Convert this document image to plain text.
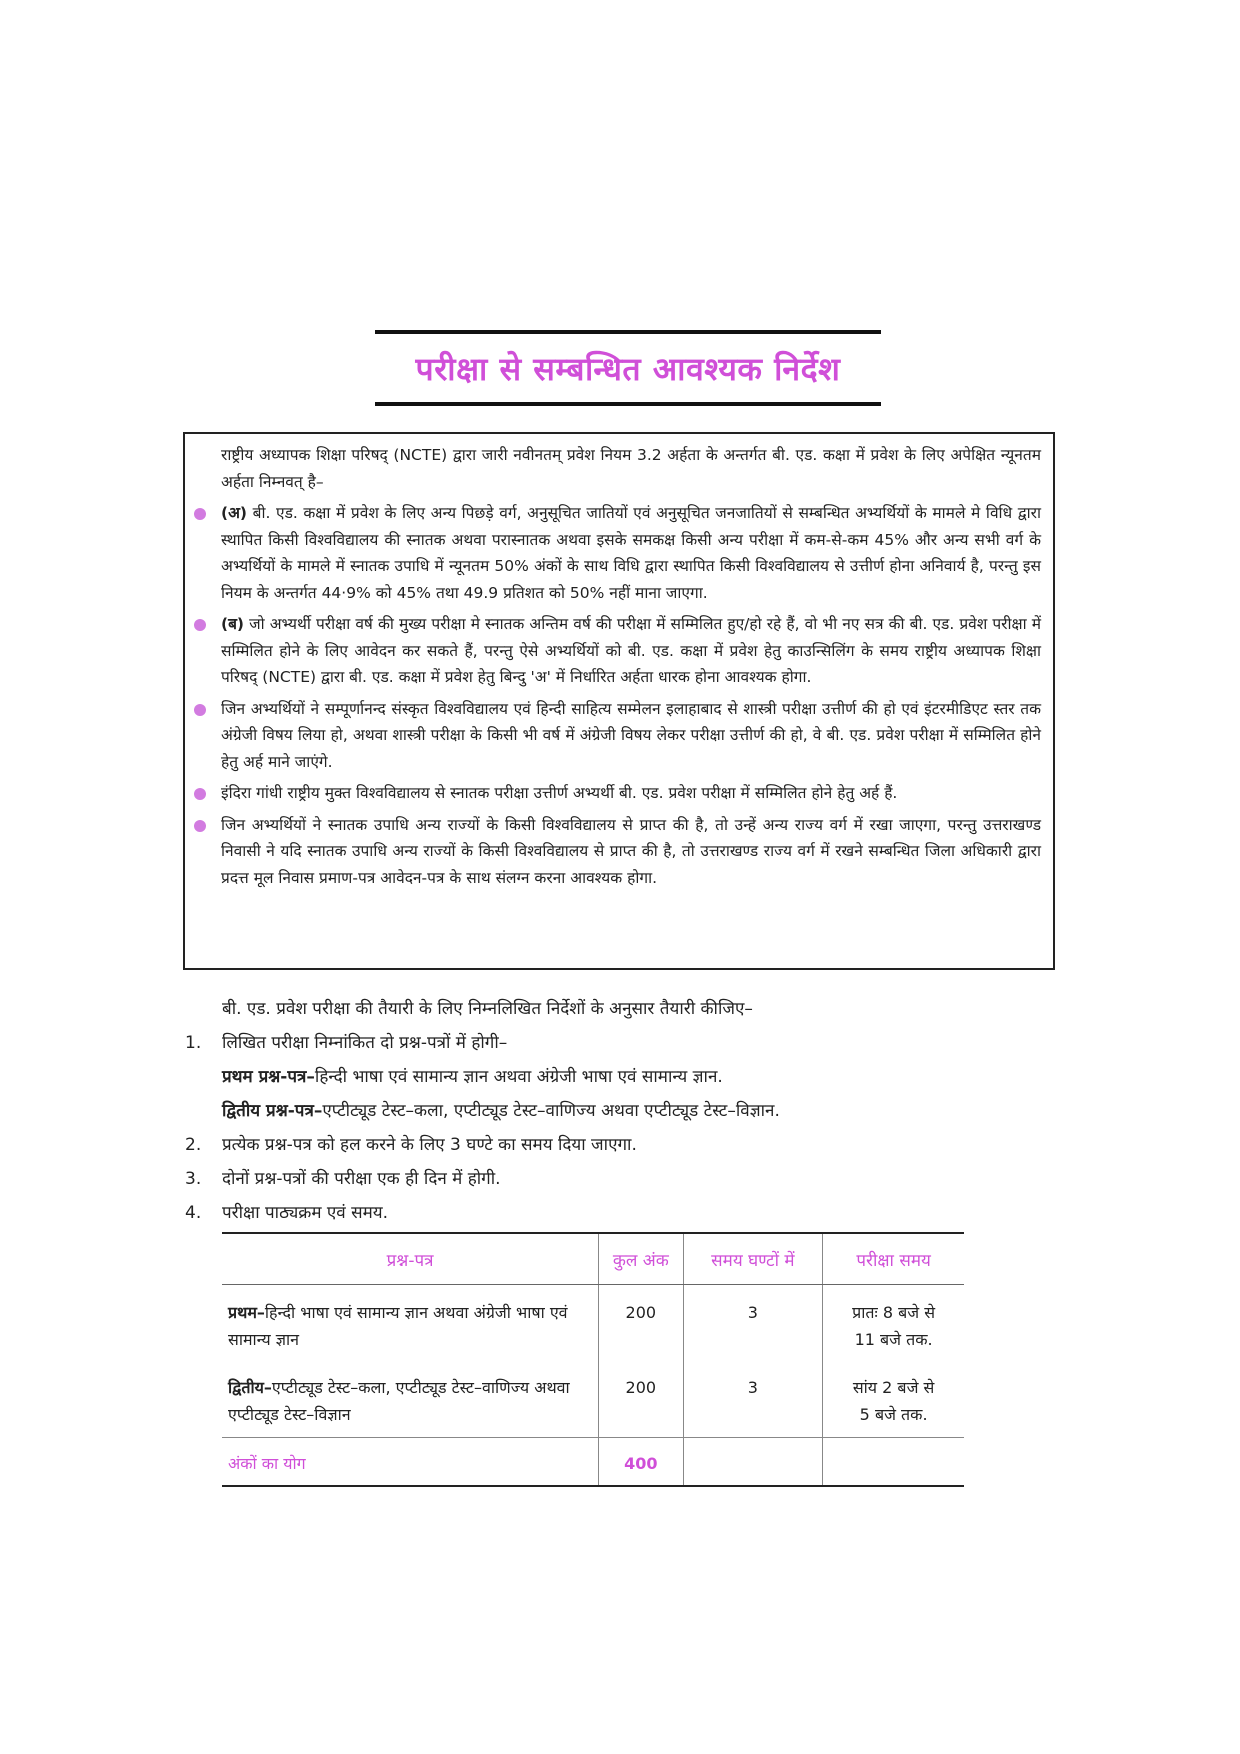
परीक्षा से सम्बन्धित आवश्यक निर्देश
राष्ट्रीय अध्यापक शिक्षा परिषद् (NCTE) द्वारा जारी नवीनतम् प्रवेश नियम 3.2 अर्हता के अन्तर्गत बी. एड. कक्षा में प्रवेश के लिए अपेक्षित न्यूनतम अर्हता निम्नवत् है–
(अ) बी. एड. कक्षा में प्रवेश के लिए अन्य पिछड़े वर्ग, अनुसूचित जातियों एवं अनुसूचित जनजातियों से सम्बन्धित अभ्यर्थियों के मामले मे विधि द्वारा स्थापित किसी विश्वविद्यालय की स्नातक अथवा परास्नातक अथवा इसके समकक्ष किसी अन्य परीक्षा में कम-से-कम 45% और अन्य सभी वर्ग के अभ्यर्थियों के मामले में स्नातक उपाधि में न्यूनतम 50% अंकों के साथ विधि द्वारा स्थापित किसी विश्वविद्यालय से उत्तीर्ण होना अनिवार्य है, परन्तु इस नियम के अन्तर्गत 44·9% को 45% तथा 49.9 प्रतिशत को 50% नहीं माना जाएगा.
(ब) जो अभ्यर्थी परीक्षा वर्ष की मुख्य परीक्षा मे स्नातक अन्तिम वर्ष की परीक्षा में सम्मिलित हुए/हो रहे हैं, वो भी नए सत्र की बी. एड. प्रवेश परीक्षा में सम्मिलित होने के लिए आवेदन कर सकते हैं, परन्तु ऐसे अभ्यर्थियों को बी. एड. कक्षा में प्रवेश हेतु काउन्सिलिंग के समय राष्ट्रीय अध्यापक शिक्षा परिषद् (NCTE) द्वारा बी. एड. कक्षा में प्रवेश हेतु बिन्दु 'अ' में निर्धारित अर्हता धारक होना आवश्यक होगा.
जिन अभ्यर्थियों ने सम्पूर्णानन्द संस्कृत विश्वविद्यालय एवं हिन्दी साहित्य सम्मेलन इलाहाबाद से शास्त्री परीक्षा उत्तीर्ण की हो एवं इंटरमीडिएट स्तर तक अंग्रेजी विषय लिया हो, अथवा शास्त्री परीक्षा के किसी भी वर्ष में अंग्रेजी विषय लेकर परीक्षा उत्तीर्ण की हो, वे बी. एड. प्रवेश परीक्षा में सम्मिलित होने हेतु अर्ह माने जाएंगे.
इंदिरा गांधी राष्ट्रीय मुक्त विश्वविद्यालय से स्नातक परीक्षा उत्तीर्ण अभ्यर्थी बी. एड. प्रवेश परीक्षा में सम्मिलित होने हेतु अर्ह हैं.
जिन अभ्यर्थियों ने स्नातक उपाधि अन्य राज्यों के किसी विश्वविद्यालय से प्राप्त की है, तो उन्हें अन्य राज्य वर्ग में रखा जाएगा, परन्तु उत्तराखण्ड निवासी ने यदि स्नातक उपाधि अन्य राज्यों के किसी विश्वविद्यालय से प्राप्त की है, तो उत्तराखण्ड राज्य वर्ग में रखने सम्बन्धित जिला अधिकारी द्वारा प्रदत्त मूल निवास प्रमाण-पत्र आवेदन-पत्र के साथ संलग्न करना आवश्यक होगा.
बी. एड. प्रवेश परीक्षा की तैयारी के लिए निम्नलिखित निर्देशों के अनुसार तैयारी कीजिए–
1. लिखित परीक्षा निम्नांकित दो प्रश्न-पत्रों में होगी–
प्रथम प्रश्न-पत्र–हिन्दी भाषा एवं सामान्य ज्ञान अथवा अंग्रेजी भाषा एवं सामान्य ज्ञान.
द्वितीय प्रश्न-पत्र–एप्टीट्यूड टेस्ट–कला, एप्टीट्यूड टेस्ट–वाणिज्य अथवा एप्टीट्यूड टेस्ट–विज्ञान.
2. प्रत्येक प्रश्न-पत्र को हल करने के लिए 3 घण्टे का समय दिया जाएगा.
3. दोनों प्रश्न-पत्रों की परीक्षा एक ही दिन में होगी.
4. परीक्षा पाठ्यक्रम एवं समय.
प्रश्न-पत्र	कुल अंक	समय घण्टों में	परीक्षा समय
प्रथम–हिन्दी भाषा एवं सामान्य ज्ञान अथवा अंग्रेजी भाषा एवं सामान्य ज्ञान	200	3	प्रातः 8 बजे से
11 बजे तक.

द्वितीय–एप्टीट्यूड टेस्ट–कला, एप्टीट्यूड टेस्ट–वाणिज्य अथवा एप्टीट्यूड टेस्ट–विज्ञान	200	3	सांय 2 बजे से
5 बजे तक.

अंकों का योग	400		
